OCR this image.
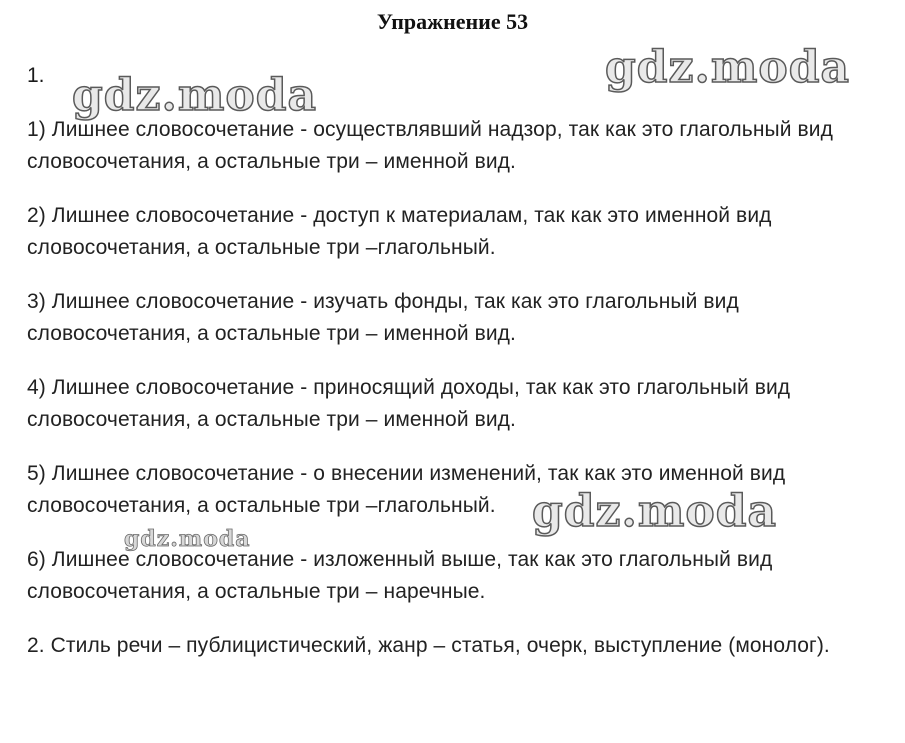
Упражнение 53
1.
1) Лишнее словосочетание - осуществлявший надзор, так как это глагольный вид словосочетания, а остальные три – именной вид.
2) Лишнее словосочетание - доступ к материалам, так как это именной вид словосочетания, а остальные три –глагольный.
3) Лишнее словосочетание - изучать фонды, так как это глагольный вид словосочетания, а остальные три – именной вид.
4) Лишнее словосочетание - приносящий доходы, так как это глагольный вид словосочетания, а остальные три – именной вид.
5) Лишнее словосочетание - о внесении изменений, так как это именной вид словосочетания, а остальные три –глагольный.
6) Лишнее словосочетание - изложенный выше, так как это глагольный вид словосочетания, а остальные три – наречные.
2. Стиль речи – публицистический, жанр – статья, очерк, выступление (монолог).
gdz.moda
gdz.moda
gdz.moda
gdz.moda
